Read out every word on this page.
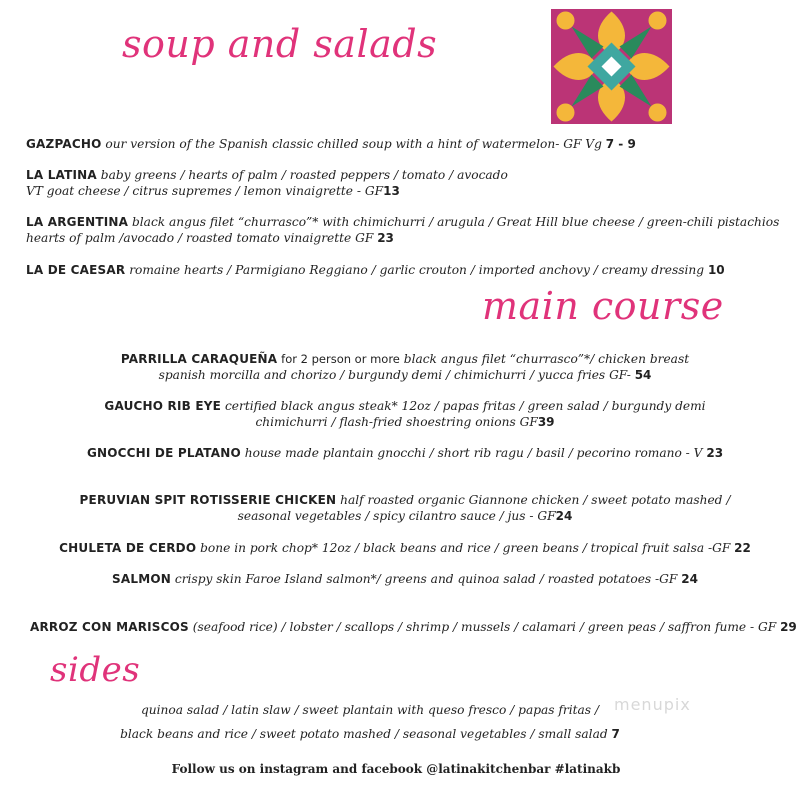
soup and salads
main course
sides
GAZPACHO our version of the Spanish classic chilled soup with a hint of watermelon- GF Vg 7 - 9
LA LATINA baby greens / hearts of palm / roasted peppers / tomato / avocado
VT goat cheese / citrus supremes / lemon vinaigrette - GF13
LA ARGENTINA black angus filet “churrasco”* with chimichurri / arugula / Great Hill blue cheese / green-chili pistachios
hearts of palm /avocado / roasted tomato vinaigrette GF 23
LA DE CAESAR romaine hearts / Parmigiano Reggiano / garlic crouton / imported anchovy / creamy dressing 10
PARRILLA CARAQUEÑA for 2 person or more black angus filet “churrasco”*/ chicken breast
spanish morcilla and chorizo / burgundy demi / chimichurri / yucca fries GF- 54
GAUCHO RIB EYE certified black angus steak* 12oz / papas fritas / green salad / burgundy demi
chimichurri / flash-fried shoestring onions GF39
GNOCCHI DE PLATANO house made plantain gnocchi / short rib ragu / basil / pecorino romano - V 23
PERUVIAN SPIT ROTISSERIE CHICKEN half roasted organic Giannone chicken / sweet potato mashed /
seasonal vegetables / spicy cilantro sauce / jus - GF24
CHULETA DE CERDO bone in pork chop* 12oz / black beans and rice / green beans / tropical fruit salsa -GF 22
SALMON crispy skin Faroe Island salmon*/ greens and quinoa salad / roasted potatoes -GF 24
ARROZ CON MARISCOS (seafood rice) / lobster / scallops / shrimp / mussels / calamari / green peas / saffron fume - GF 29
quinoa salad / latin slaw / sweet plantain with queso fresco / papas fritas /
black beans and rice / sweet potato mashed / seasonal vegetables / small salad 7
menupix
Follow us on instagram and facebook @latinakitchenbar #latinakb
